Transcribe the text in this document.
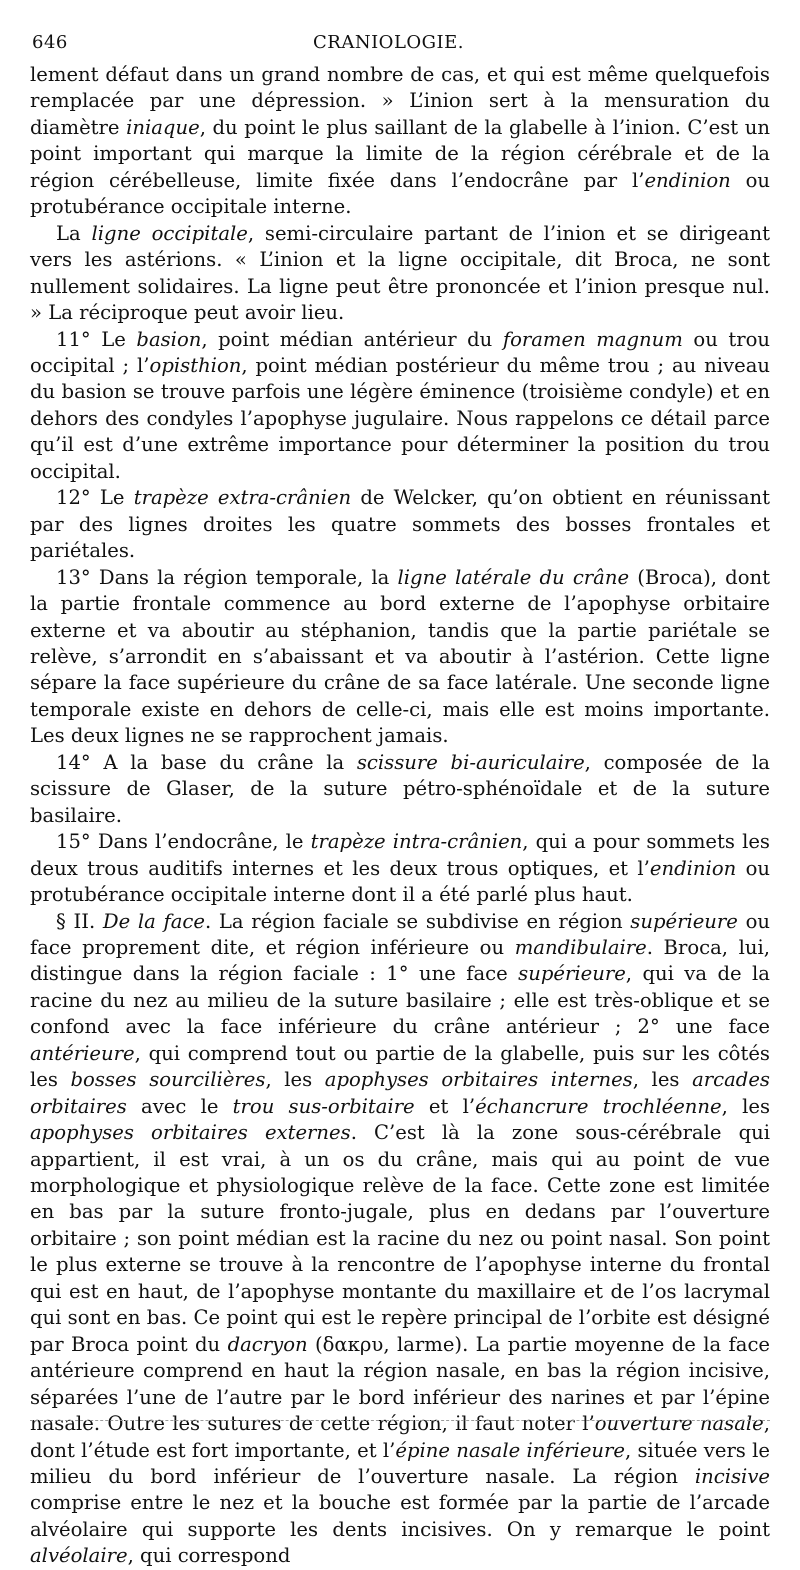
646	CRANIOLOGIE.

lement défaut dans un grand nombre de cas, et qui est même quelquefois remplacée par une dépression. » L’inion sert à la mensuration du diamètre iniaque, du point le plus saillant de la glabelle à l’inion. C’est un point important qui marque la limite de la région cérébrale et de la région cérébelleuse, limite fixée dans l’endocrâne par l’endinion ou protubérance occipitale interne.

La ligne occipitale, semi-circulaire partant de l’inion et se dirigeant vers les astérions. « L’inion et la ligne occipitale, dit Broca, ne sont nullement solidaires. La ligne peut être prononcée et l’inion presque nul. » La réciproque peut avoir lieu.

11° Le basion, point médian antérieur du foramen magnum ou trou occipital ; l’opisthion, point médian postérieur du même trou ; au niveau du basion se trouve parfois une légère éminence (troisième condyle) et en dehors des condyles l’apophyse jugulaire. Nous rappelons ce détail parce qu’il est d’une extrême importance pour déterminer la position du trou occipital.

12° Le trapèze extra-crânien de Welcker, qu’on obtient en réunissant par des lignes droites les quatre sommets des bosses frontales et pariétales.

13° Dans la région temporale, la ligne latérale du crâne (Broca), dont la partie frontale commence au bord externe de l’apophyse orbitaire externe et va aboutir au stéphanion, tandis que la partie pariétale se relève, s’arrondit en s’abaissant et va aboutir à l’astérion. Cette ligne sépare la face supérieure du crâne de sa face latérale. Une seconde ligne temporale existe en dehors de celle-ci, mais elle est moins importante. Les deux lignes ne se rapprochent jamais.

14° A la base du crâne la scissure bi-auriculaire, composée de la scissure de Glaser, de la suture pétro-sphénoïdale et de la suture basilaire.

15° Dans l’endocrâne, le trapèze intra-crânien, qui a pour sommets les deux trous auditifs internes et les deux trous optiques, et l’endinion ou protubérance occipitale interne dont il a été parlé plus haut.

§ II. De la face. La région faciale se subdivise en région supérieure ou face proprement dite, et région inférieure ou mandibulaire. Broca, lui, distingue dans la région faciale : 1° une face supérieure, qui va de la racine du nez au milieu de la suture basilaire ; elle est très-oblique et se confond avec la face inférieure du crâne antérieur ; 2° une face antérieure, qui comprend tout ou partie de la glabelle, puis sur les côtés les bosses sourcilières, les apophyses orbitaires internes, les arcades orbitaires avec le trou sus-orbitaire et l’échancrure trochléenne, les apophyses orbitaires externes. C’est là la zone sous-cérébrale qui appartient, il est vrai, à un os du crâne, mais qui au point de vue morphologique et physiologique relève de la face. Cette zone est limitée en bas par la suture fronto-jugale, plus en dedans par l’ouverture orbitaire ; son point médian est la racine du nez ou point nasal. Son point le plus externe se trouve à la rencontre de l’apophyse interne du frontal qui est en haut, de l’apophyse montante du maxillaire et de l’os lacrymal qui sont en bas. Ce point qui est le repère principal de l’orbite est désigné par Broca point du dacryon (δακρυ, larme). La partie moyenne de la face antérieure comprend en haut la région nasale, en bas la région incisive, séparées l’une de l’autre par le bord inférieur des narines et par l’épine nasale. Outre les sutures de cette région, il faut noter l’ouverture nasale, dont l’étude est fort importante, et l’épine nasale inférieure, située vers le milieu du bord inférieur de l’ouverture nasale. La région incisive comprise entre le nez et la bouche est formée par la partie de l’arcade alvéolaire qui supporte les dents incisives. On y remarque le point alvéolaire, qui correspond
